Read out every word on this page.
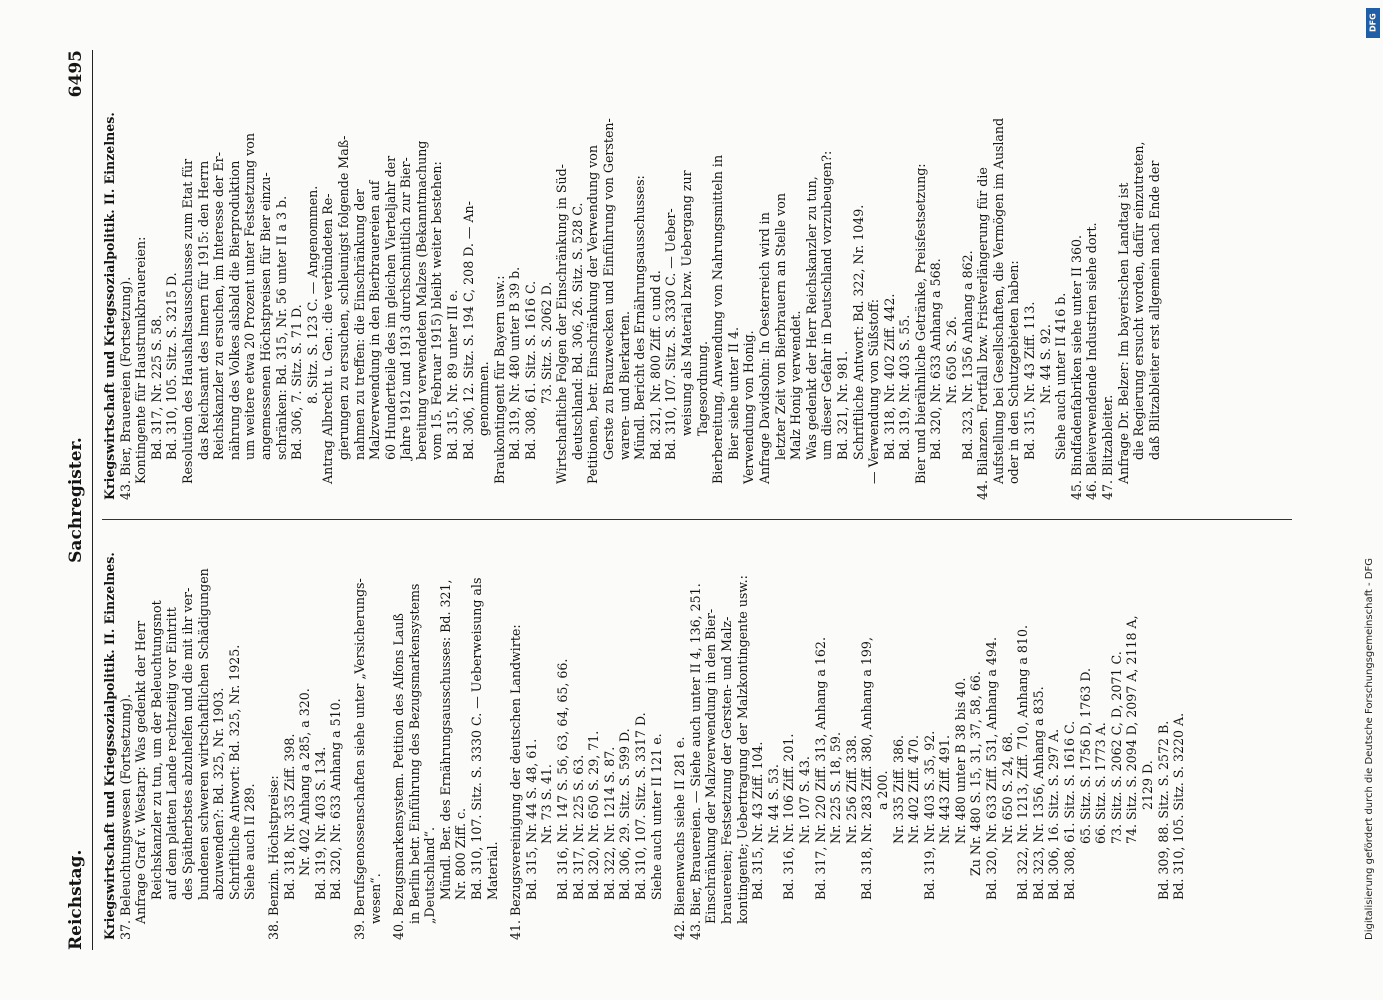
Reichstag.
Sachregister.
6495
Kriegswirtschaft und Kriegssozialpolitik. II. Einzelnes. 37. Beleuchtungswesen (Fortsetzung). Anfrage Graf v. Westarp: Was gedenkt der Herr Reichskanzler zu tun, um der Beleuchtungsnot auf dem platten Lande rechtzeitig vor Eintritt des Spätherbstes abzuhelfen und die mit ihr ver- bundenen schweren wirtschaftlichen Schädigungen abzuwenden?: Bd. 325, Nr. 1903. Schriftliche Antwort: Bd. 325, Nr. 1925. Siehe auch II 289. 38. Benzin. Höchstpreise: Bd. 318, Nr. 335 Ziff. 398. Nr. 402 Anhang a 285, a 320. Bd. 319, Nr. 403 S. 134. Bd. 320, Nr. 633 Anhang a 510. 39. Berufsgenossenschaften siehe unter „Versicherungs- wesen“. 40. Bezugsmarkensystem. Petition des Alfons Lauß in Berlin betr. Einführung des Bezugsmarkensystems „Deutschland“. Mündl. Ber. des Ernährungsausschusses: Bd. 321, Nr. 800 Ziff. c. Bd. 310, 107. Sitz. S. 3330 C. — Ueberweisung als Material. 41. Bezugsvereinigung der deutschen Landwirte: Bd. 315, Nr. 44 S. 48, 61. Nr. 73 S. 41. Bd. 316, Nr. 147 S. 56, 63, 64, 65, 66. Bd. 317, Nr. 225 S. 63. Bd. 320, Nr. 650 S. 29, 71. Bd. 322, Nr. 1214 S. 87. Bd. 306, 29. Sitz. S. 599 D. Bd. 310, 107. Sitz. S. 3317 D. Siehe auch unter II 121 e. 42. Bienenwachs siehe II 281 e. 43. Bier, Brauereien. — Siehe auch unter II 4, 136, 251. Einschränkung der Malzverwendung in den Bier- brauereien; Festsetzung der Gersten- und Malz- kontingente; Uebertragung der Malzkontingente usw.: Bd. 315, Nr. 43 Ziff. 104. Nr. 44 S. 53. Bd. 316, Nr. 106 Ziff. 201. Nr. 107 S. 43. Bd. 317, Nr. 220 Ziff. 313, Anhang a 162. Nr. 225 S. 18, 59. Nr. 256 Ziff. 338. Bd. 318, Nr. 283 Ziff. 380, Anhang a 199, a 200. Nr. 335 Ziff. 386. Nr. 402 Ziff. 470. Bd. 319, Nr. 403 S. 35, 92. Nr. 443 Ziff. 491. Nr. 480 unter B 38 bis 40. Zu Nr. 480 S. 15, 31, 37, 58, 66. Bd. 320, Nr. 633 Ziff. 531, Anhang a 494. Nr. 650 S. 24, 68. Bd. 322, Nr. 1213, Ziff. 710, Anhang a 810. Bd. 323, Nr. 1356, Anhang a 835. Bd. 306, 16. Sitz. S. 297 A. Bd. 308, 61. Sitz. S. 1616 C. 65. Sitz. S. 1756 D, 1763 D. 66. Sitz. S. 1773 A. 73. Sitz. S. 2062 C, D, 2071 C. 74. Sitz. S. 2094 D, 2097 A, 2118 A, 2129 D. Bd. 309, 88. Sitz. S. 2572 B. Bd. 310, 105. Sitz. S. 3220 A.
Kriegswirtschaft und Kriegssozialpolitik. II. Einzelnes. 43. Bier, Brauereien (Fortsetzung). Kontingente für Haustrunkbrauereien: Bd. 317, Nr. 225 S. 58. Bd. 310, 105. Sitz. S. 3215 D. Resolution des Haushaltsausschusses zum Etat für das Reichsamt des Innern für 1915: den Herrn Reichskanzler zu ersuchen, im Interesse der Er- nährung des Volkes alsbald die Bierproduktion um weitere etwa 20 Prozent unter Festsetzung von angemessenen Höchstpreisen für Bier einzu- schränken: Bd. 315, Nr. 56 unter II a 3 b. Bd. 306, 7. Sitz. S. 71 D. 8. Sitz. S. 123 C. — Angenommen. Antrag Albrecht u. Gen.: die verbündeten Re- gierungen zu ersuchen, schleunigst folgende Maß- nahmen zu treffen: die Einschränkung der Malzverwendung in den Bierbrauereien auf 60 Hundertteile des im gleichen Vierteljahr der Jahre 1912 und 1913 durchschnittlich zur Bier- bereitung verwendeten Malzes (Bekanntmachung vom 15. Februar 1915) bleibt weiter bestehen: Bd. 315, Nr. 89 unter III e. Bd. 306, 12. Sitz. S. 194 C, 208 D. — An- genommen. Braukontingent für Bayern usw.: Bd. 319, Nr. 480 unter B 39 b. Bd. 308, 61. Sitz. S. 1616 C. 73. Sitz. S. 2062 D. Wirtschaftliche Folgen der Einschränkung in Süd- deutschland: Bd. 306, 26. Sitz. S. 528 C. Petitionen, betr. Einschränkung der Verwendung von Gerste zu Brauzwecken und Einführung von Gersten- waren- und Bierkarten. Mündl. Bericht des Ernährungsausschusses: Bd. 321, Nr. 800 Ziff. c und d. Bd. 310, 107. Sitz. S. 3330 C. — Ueber- weisung als Material bzw. Uebergang zur Tagesordnung. Bierbereitung, Anwendung von Nahrungsmitteln in Bier siehe unter II 4. Verwendung von Honig. Anfrage Davidsohn: In Oesterreich wird in letzter Zeit von Bierbrauern an Stelle von Malz Honig verwendet. Was gedenkt der Herr Reichskanzler zu tun, um dieser Gefahr in Deutschland vorzubeugen?: Bd. 321, Nr. 981. Schriftliche Antwort: Bd. 322, Nr. 1049. — Verwendung von Süßstoff: Bd. 318, Nr. 402 Ziff. 442. Bd. 319, Nr. 403 S. 55. Bier und bierähnliche Getränke, Preisfestsetzung: Bd. 320, Nr. 633 Anhang a 568. Nr. 650 S. 26. Bd. 323, Nr. 1356 Anhang a 862. 44. Bilanzen. Fortfall bzw. Fristverlängerung für die Aufstellung bei Gesellschaften, die Vermögen im Ausland oder in den Schutzgebieten haben: Bd. 315, Nr. 43 Ziff. 113. Nr. 44 S. 92. Siehe auch unter II 416 b. 45. Bindfadenfabriken siehe unter II 360. 46. Bleiverwendende Industrien siehe dort. 47. Blitzableiter. Anfrage Dr. Belzer: Im bayerischen Landtag ist die Regierung ersucht worden, dafür einzutreten, daß Blitzableiter erst allgemein nach Ende der
DFG
Digitalisierung gefördert durch die Deutsche Forschungsgemeinschaft - DFG
